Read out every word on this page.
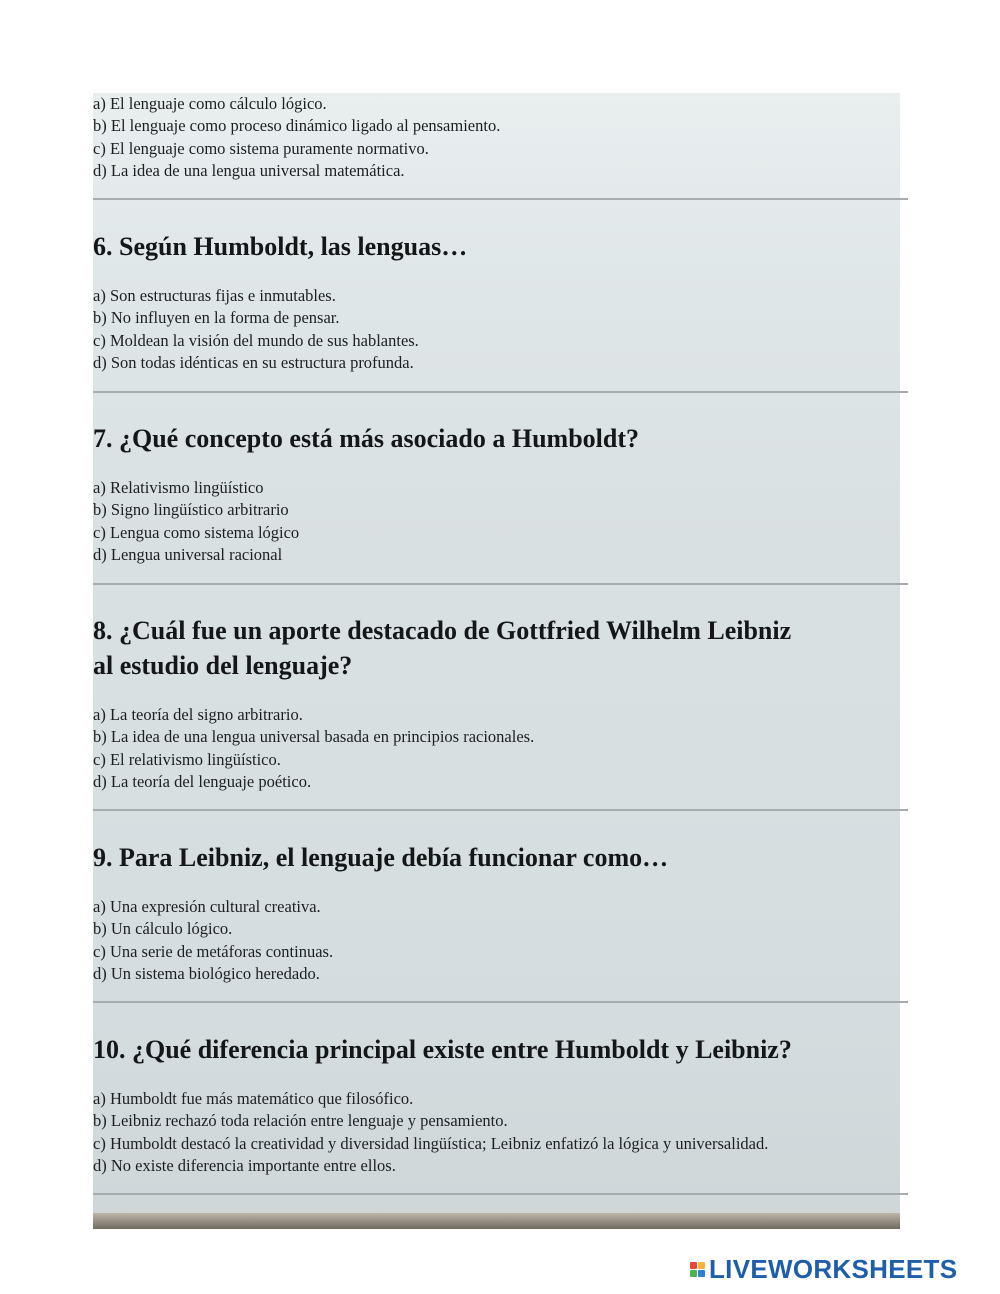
a) El lenguaje como cálculo lógico.
b) El lenguaje como proceso dinámico ligado al pensamiento.
c) El lenguaje como sistema puramente normativo.
d) La idea de una lengua universal matemática.
6. Según Humboldt, las lenguas…
a) Son estructuras fijas e inmutables.
b) No influyen en la forma de pensar.
c) Moldean la visión del mundo de sus hablantes.
d) Son todas idénticas en su estructura profunda.
7. ¿Qué concepto está más asociado a Humboldt?
a) Relativismo lingüístico
b) Signo lingüístico arbitrario
c) Lengua como sistema lógico
d) Lengua universal racional
8. ¿Cuál fue un aporte destacado de Gottfried Wilhelm Leibniz
al estudio del lenguaje?
a) La teoría del signo arbitrario.
b) La idea de una lengua universal basada en principios racionales.
c) El relativismo lingüístico.
d) La teoría del lenguaje poético.
9. Para Leibniz, el lenguaje debía funcionar como…
a) Una expresión cultural creativa.
b) Un cálculo lógico.
c) Una serie de metáforas continuas.
d) Un sistema biológico heredado.
10. ¿Qué diferencia principal existe entre Humboldt y Leibniz?
a) Humboldt fue más matemático que filosófico.
b) Leibniz rechazó toda relación entre lenguaje y pensamiento.
c) Humboldt destacó la creatividad y diversidad lingüística; Leibniz enfatizó la lógica y universalidad.
d) No existe diferencia importante entre ellos.
LIVEWORKSHEETS
